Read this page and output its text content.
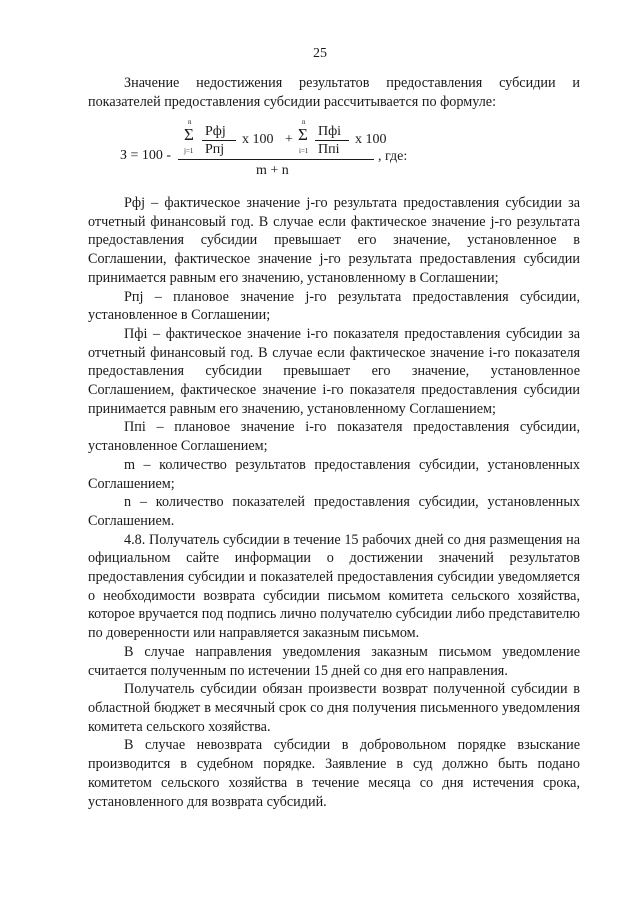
25

Значение недостижения результатов предоставления субсидии и показателей предоставления субсидии рассчитывается по формуле:

n
Σ
j=1
Рфj
Рпj
х 100 +
n
Σ
i=1
Пфi
Ппi
х 100
З = 100 -	, где:
m + n

Рфj – фактическое значение j-го результата предоставления субсидии за отчетный финансовый год. В случае если фактическое значение j-го результата предоставления субсидии превышает его значение, установленное в Соглашении, фактическое значение j-го результата предоставления субсидии принимается равным его значению, установленному в Соглашении;

Рпj – плановое значение j-го результата предоставления субсидии, установленное в Соглашении;

Пфi – фактическое значение i-го показателя предоставления субсидии за отчетный финансовый год. В случае если фактическое значение i-го показателя предоставления субсидии превышает его значение, установленное Соглашением, фактическое значение i-го показателя предоставления субсидии принимается равным его значению, установленному Соглашением;

Ппi – плановое значение i-го показателя предоставления субсидии, установленное Соглашением;

m – количество результатов предоставления субсидии, установленных Соглашением;

n – количество показателей предоставления субсидии, установленных Соглашением.

4.8. Получатель субсидии в течение 15 рабочих дней со дня размещения на официальном сайте информации о достижении значений результатов предоставления субсидии и показателей предоставления субсидии уведомляется о необходимости возврата субсидии письмом комитета сельского хозяйства, которое вручается под подпись лично получателю субсидии либо представителю по доверенности или направляется заказным письмом.

В случае направления уведомления заказным письмом уведомление считается полученным по истечении 15 дней со дня его направления.

Получатель субсидии обязан произвести возврат полученной субсидии в областной бюджет в месячный срок со дня получения письменного уведомления комитета сельского хозяйства.

В случае невозврата субсидии в добровольном порядке взыскание производится в судебном порядке. Заявление в суд должно быть подано комитетом сельского хозяйства в течение месяца со дня истечения срока, установленного для возврата субсидий.
